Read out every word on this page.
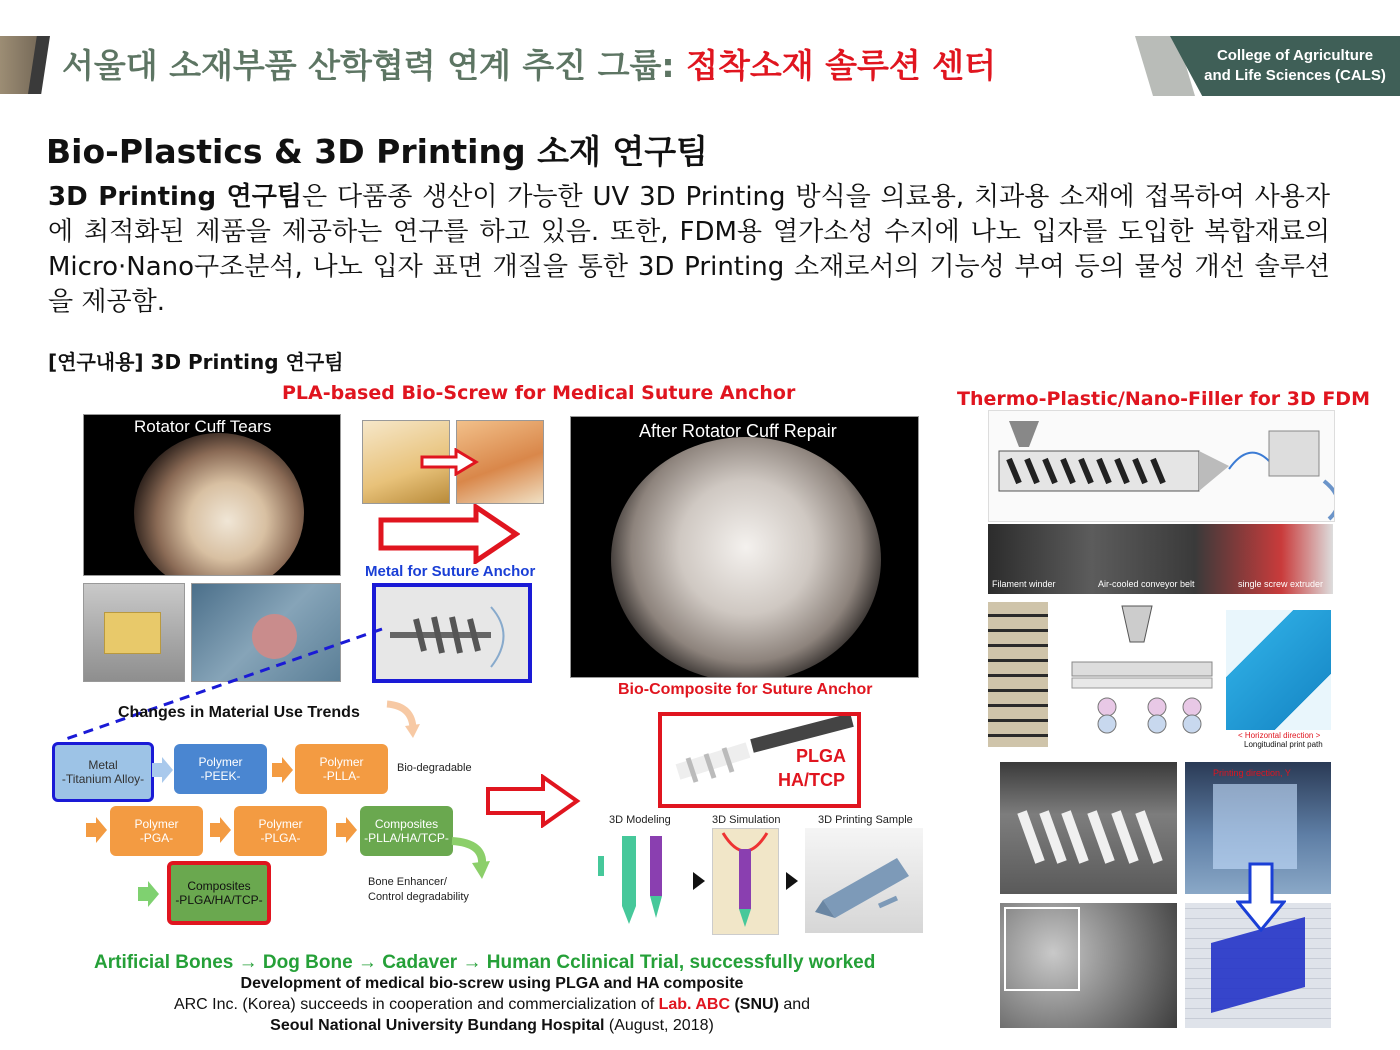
서울대 소재부품 산학협력 연계 추진 그룹: 접착소재 솔루션 센터	College of Agriculture
and Life Sciences (CALS)
Bio-Plastics & 3D Printing 소재 연구팀
3D Printing 연구팀은 다품종 생산이 가능한 UV 3D Printing 방식을 의료용, 치과용 소재에 접목하여 사용자에 최적화된 제품을 제공하는 연구를 하고 있음. 또한, FDM용 열가소성 수지에 나노 입자를 도입한 복합재료의 Micro·Nano구조분석, 나노 입자 표면 개질을 통한 3D Printing 소재로서의 기능성 부여 등의 물성 개선 솔루션을 제공함.
[연구내용] 3D Printing 연구팀
PLA-based Bio-Screw for Medical Suture Anchor
Rotator Cuff Tears
Metal for Suture Anchor
After Rotator Cuff Repair
Changes in Material Use Trends
Metal
-Titanium Alloy-
Polymer
-PEEK-
Polymer
-PLLA-
Bio-degradable
Polymer
-PGA-
Polymer
-PLGA-
Composites
-PLLA/HA/TCP-
Composites
-PLGA/HA/TCP-
Bone Enhancer/
Control degradability
Bio-Composite for Suture Anchor
PLGA
HA/TCP
3D Modeling	3D Simulation	3D Printing Sample
Artificial Bones → Dog Bone → Cadaver → Human Cclinical Trial, successfully worked
Development of medical bio-screw using PLGA and HA composite
ARC Inc. (Korea) succeeds in cooperation and commercialization of Lab. ABC (SNU) and
Seoul National University Bundang Hospital (August, 2018)
Thermo-Plastic/Nano-Filler for 3D FDM
Filament winder	Air-cooled conveyor belt	single screw extruder
< Horizontal direction >
Longitudinal print path
Printing direction, Y
